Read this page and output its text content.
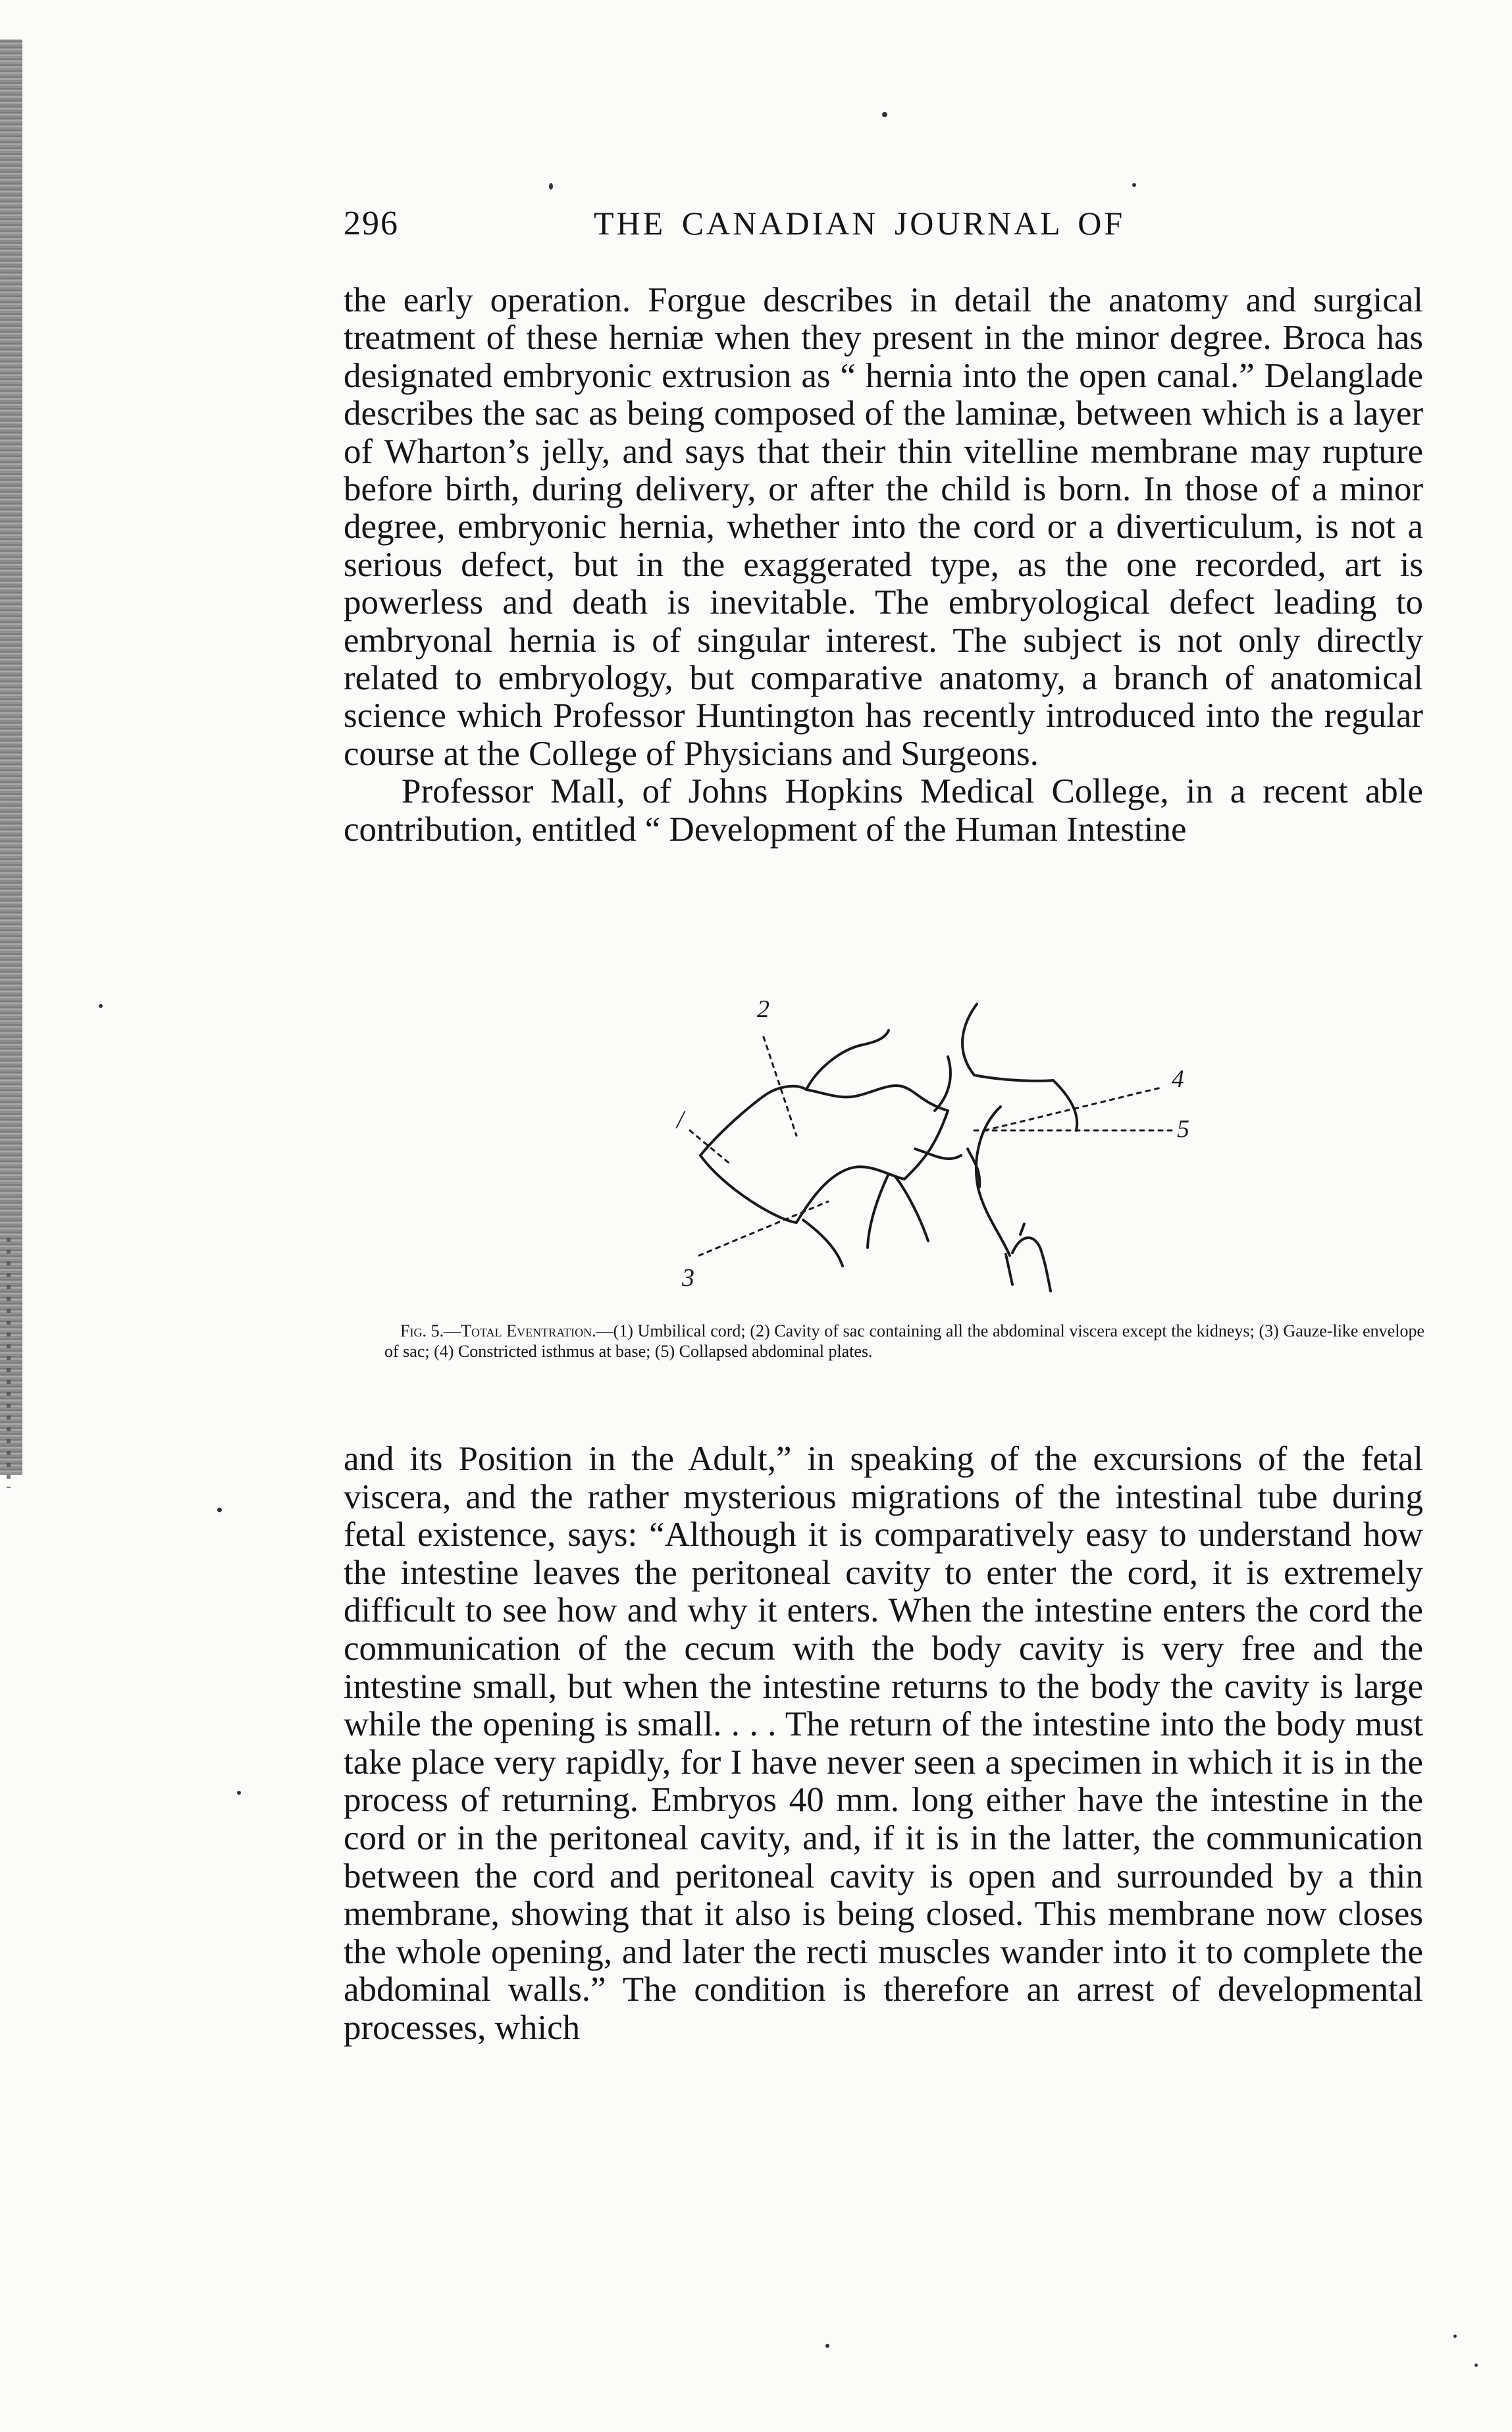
296	THE CANADIAN JOURNAL OF

the early operation. Forgue describes in detail the anatomy and surgical treatment of these herniæ when they present in the minor degree. Broca has designated embryonic extrusion as “ hernia into the open canal.” Delanglade describes the sac as being composed of the laminæ, between which is a layer of Wharton’s jelly, and says that their thin vitelline membrane may rupture before birth, during delivery, or after the child is born. In those of a minor degree, embryonic hernia, whether into the cord or a diverticulum, is not a serious defect, but in the exaggerated type, as the one recorded, art is powerless and death is inevitable. The embryological defect leading to embryonal hernia is of singular interest. The subject is not only directly related to embryology, but comparative anatomy, a branch of anatomical science which Professor Huntington has recently introduced into the regular course at the College of Physicians and Surgeons.

Professor Mall, of Johns Hopkins Medical College, in a recent able contribution, entitled “ Development of the Human Intestine

/
2
3
4
5
Fig. 5.—Total Eventration.—(1) Umbilical cord; (2) Cavity of sac containing all the abdominal viscera except the kidneys; (3) Gauze-like envelope of sac; (4) Constricted isthmus at base; (5) Collapsed abdominal plates.

and its Position in the Adult,” in speaking of the excursions of the fetal viscera, and the rather mysterious migrations of the intestinal tube during fetal existence, says: “Although it is comparatively easy to understand how the intestine leaves the peritoneal cavity to enter the cord, it is extremely difficult to see how and why it enters. When the intestine enters the cord the communication of the cecum with the body cavity is very free and the intestine small, but when the intestine returns to the body the cavity is large while the opening is small. . . . The return of the intestine into the body must take place very rapidly, for I have never seen a specimen in which it is in the process of returning. Embryos 40 mm. long either have the intestine in the cord or in the peritoneal cavity, and, if it is in the latter, the communication between the cord and peritoneal cavity is open and surrounded by a thin membrane, showing that it also is being closed. This membrane now closes the whole opening, and later the recti muscles wander into it to complete the abdominal walls.” The condition is therefore an arrest of developmental processes, which
